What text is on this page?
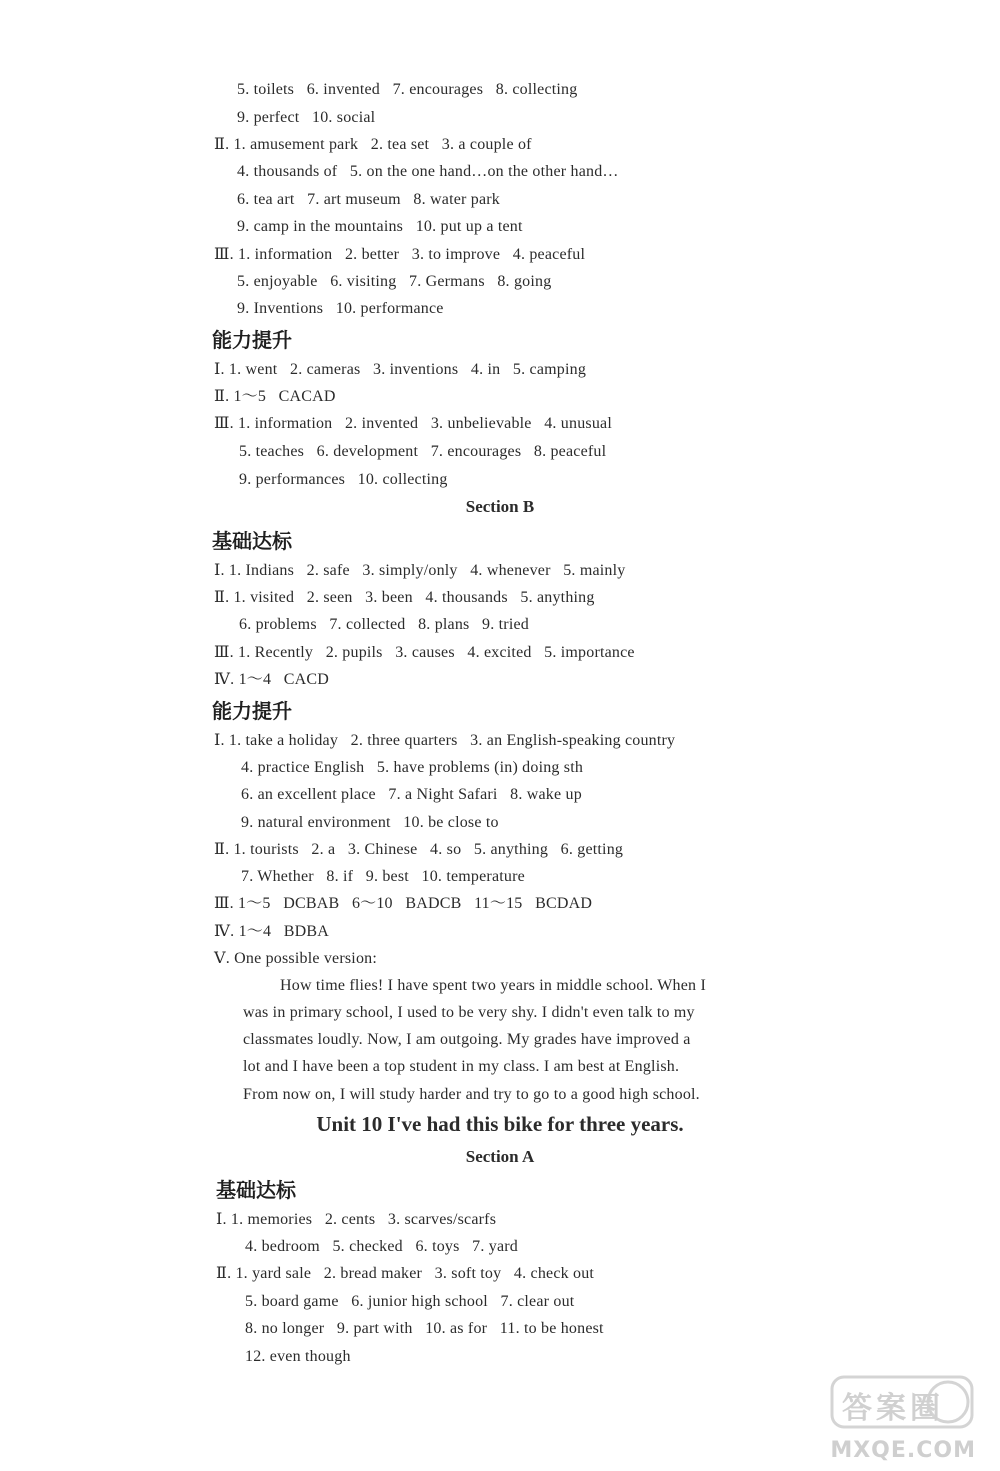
5. toilets   6. invented   7. encourages   8. collecting
9. perfect   10. social
Ⅱ. 1. amusement park   2. tea set   3. a couple of
4. thousands of   5. on the one hand…on the other hand…
6. tea art   7. art museum   8. water park
9. camp in the mountains   10. put up a tent
Ⅲ. 1. information   2. better   3. to improve   4. peaceful
5. enjoyable   6. visiting   7. Germans   8. going
9. Inventions   10. performance
能力提升
Ⅰ. 1. went   2. cameras   3. inventions   4. in   5. camping
Ⅱ. 1～5   CACAD
Ⅲ. 1. information   2. invented   3. unbelievable   4. unusual
5. teaches   6. development   7. encourages   8. peaceful
9. performances   10. collecting
Section B
基础达标
Ⅰ. 1. Indians   2. safe   3. simply/only   4. whenever   5. mainly
Ⅱ. 1. visited   2. seen   3. been   4. thousands   5. anything
6. problems   7. collected   8. plans   9. tried
Ⅲ. 1. Recently   2. pupils   3. causes   4. excited   5. importance
Ⅳ. 1～4   CACD
能力提升
Ⅰ. 1. take a holiday   2. three quarters   3. an English-speaking country
4. practice English   5. have problems (in) doing sth
6. an excellent place   7. a Night Safari   8. wake up
9. natural environment   10. be close to
Ⅱ. 1. tourists   2. a   3. Chinese   4. so   5. anything   6. getting
7. Whether   8. if   9. best   10. temperature
Ⅲ. 1～5   DCBAB   6～10   BADCB   11～15   BCDAD
Ⅳ. 1～4   BDBA
Ⅴ. One possible version:
How time flies! I have spent two years in middle school. When I
was in primary school, I used to be very shy. I didn't even talk to my
classmates loudly. Now, I am outgoing. My grades have improved a
lot and I have been a top student in my class. I am best at English.
From now on, I will study harder and try to go to a good high school.
Unit 10 I've had this bike for three years.
Section A
基础达标
Ⅰ. 1. memories   2. cents   3. scarves/scarfs
4. bedroom   5. checked   6. toys   7. yard
Ⅱ. 1. yard sale   2. bread maker   3. soft toy   4. check out
5. board game   6. junior high school   7. clear out
8. no longer   9. part with   10. as for   11. to be honest
12. even though
答案圈
MXQE.COM
